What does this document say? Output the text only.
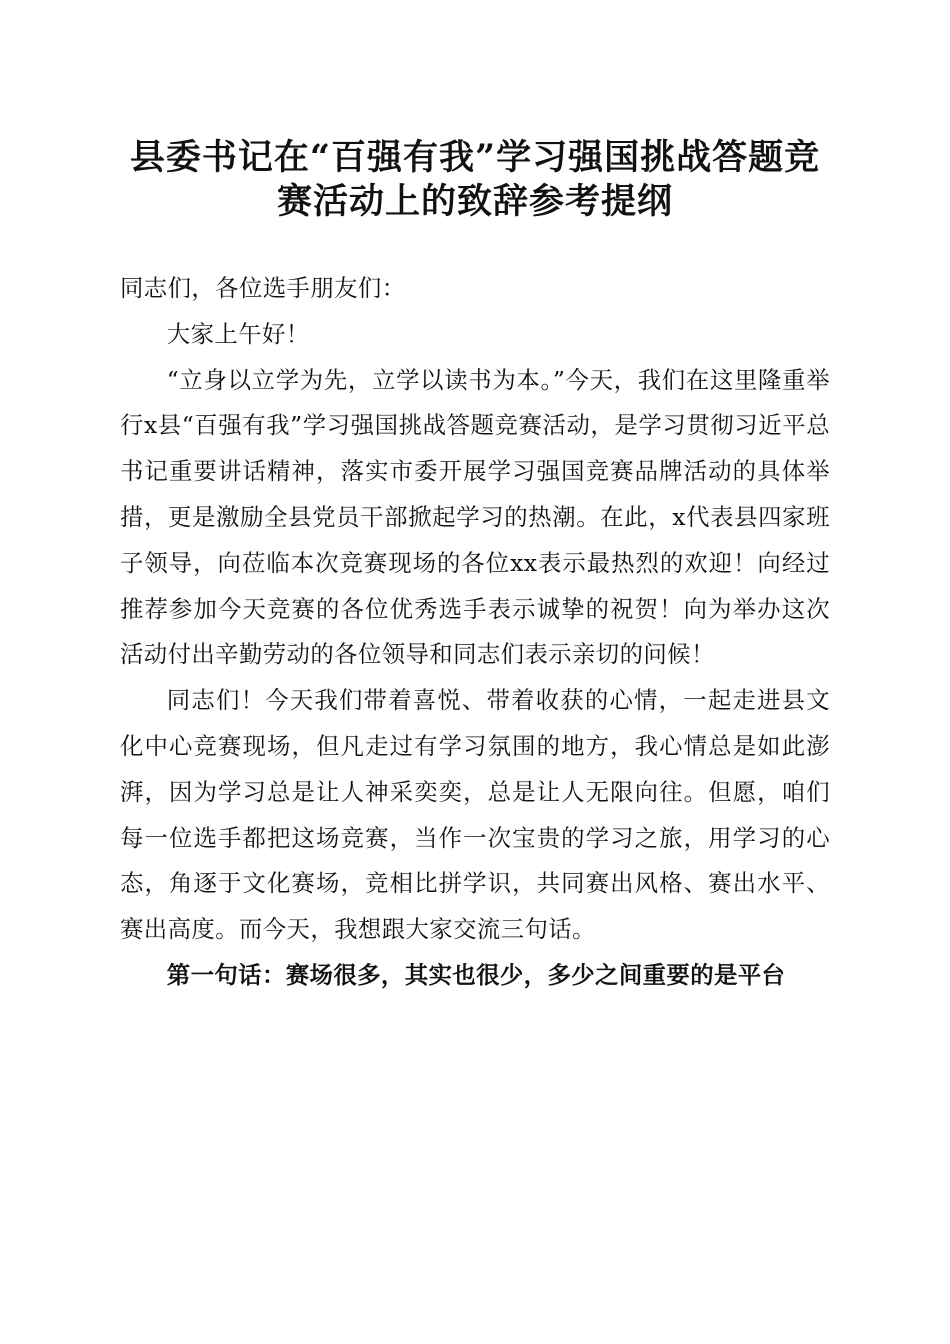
县委书记在“百强有我”学习强国挑战答题竞
赛活动上的致辞参考提纲

同志们，各位选手朋友们：

大家上午好！

“立身以立学为先，立学以读书为本。”今天，我们在这里隆重举行x县“百强有我”学习强国挑战答题竞赛活动，是学习贯彻习近平总书记重要讲话精神，落实市委开展学习强国竞赛品牌活动的具体举措，更是激励全县党员干部掀起学习的热潮。在此，x代表县四家班子领导，向莅临本次竞赛现场的各位xx表示最热烈的欢迎！向经过推荐参加今天竞赛的各位优秀选手表示诚挚的祝贺！向为举办这次活动付出辛勤劳动的各位领导和同志们表示亲切的问候！

同志们！今天我们带着喜悦、带着收获的心情，一起走进县文化中心竞赛现场，但凡走过有学习氛围的地方，我心情总是如此澎湃，因为学习总是让人神采奕奕，总是让人无限向往。但愿，咱们每一位选手都把这场竞赛，当作一次宝贵的学习之旅，用学习的心态，角逐于文化赛场，竞相比拼学识，共同赛出风格、赛出水平、赛出高度。而今天，我想跟大家交流三句话。

第一句话：赛场很多，其实也很少，多少之间重要的是平台
